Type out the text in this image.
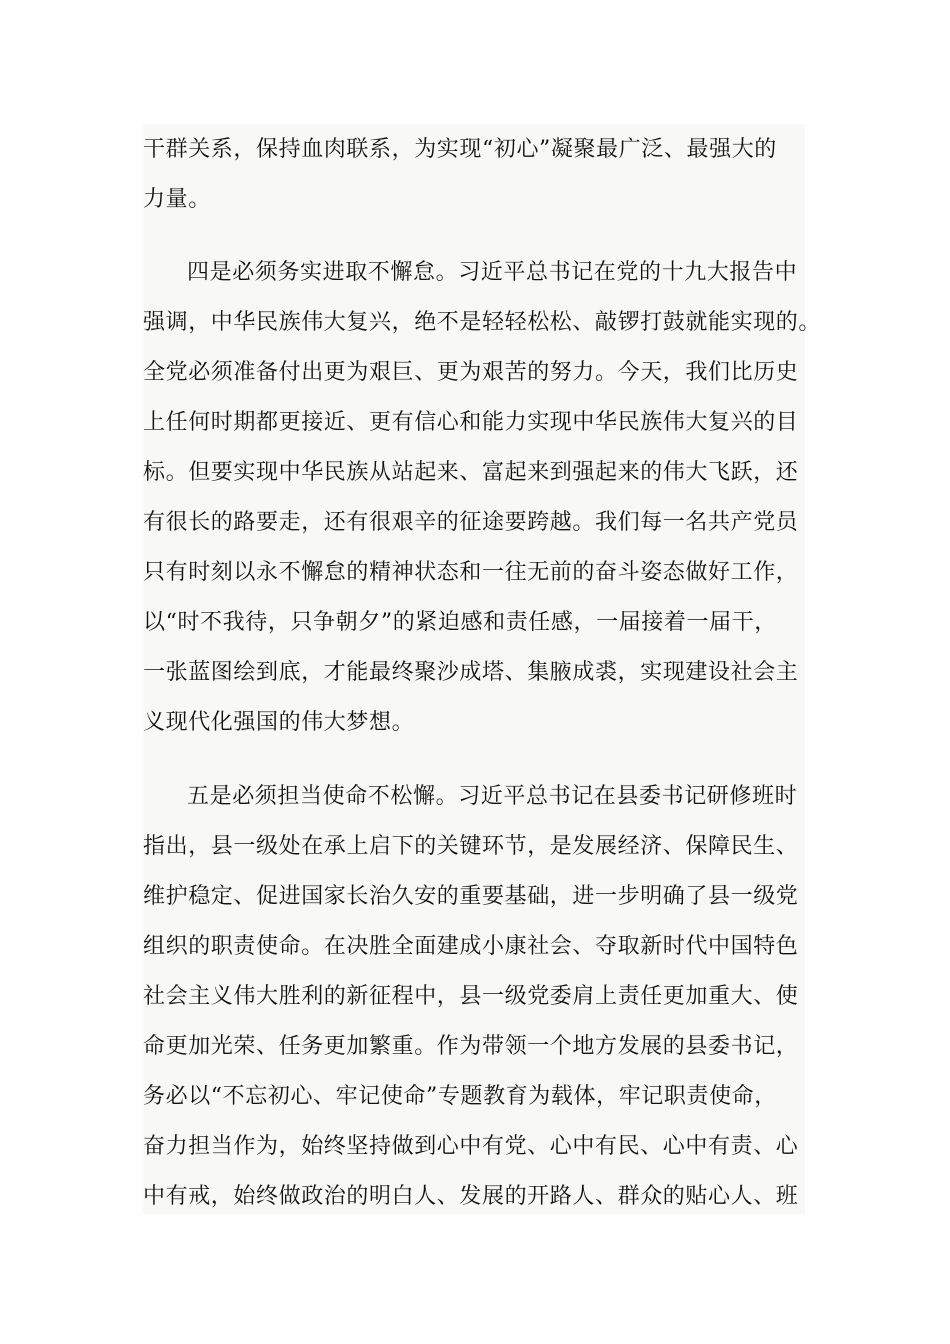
干群关系，保持血肉联系，为实现“初心”凝聚最广泛、最强大的
力量。

四是必须务实进取不懈怠。习近平总书记在党的十九大报告中
强调，中华民族伟大复兴，绝不是轻轻松松、敲锣打鼓就能实现的。
全党必须准备付出更为艰巨、更为艰苦的努力。今天，我们比历史
上任何时期都更接近、更有信心和能力实现中华民族伟大复兴的目
标。但要实现中华民族从站起来、富起来到强起来的伟大飞跃，还
有很长的路要走，还有很艰辛的征途要跨越。我们每一名共产党员
只有时刻以永不懈怠的精神状态和一往无前的奋斗姿态做好工作，
以“时不我待，只争朝夕”的紧迫感和责任感，一届接着一届干，
一张蓝图绘到底，才能最终聚沙成塔、集腋成裘，实现建设社会主
义现代化强国的伟大梦想。

五是必须担当使命不松懈。习近平总书记在县委书记研修班时
指出，县一级处在承上启下的关键环节，是发展经济、保障民生、
维护稳定、促进国家长治久安的重要基础，进一步明确了县一级党
组织的职责使命。在决胜全面建成小康社会、夺取新时代中国特色
社会主义伟大胜利的新征程中，县一级党委肩上责任更加重大、使
命更加光荣、任务更加繁重。作为带领一个地方发展的县委书记，
务必以“不忘初心、牢记使命”专题教育为载体，牢记职责使命，
奋力担当作为，始终坚持做到心中有党、心中有民、心中有责、心
中有戒，始终做政治的明白人、发展的开路人、群众的贴心人、班
